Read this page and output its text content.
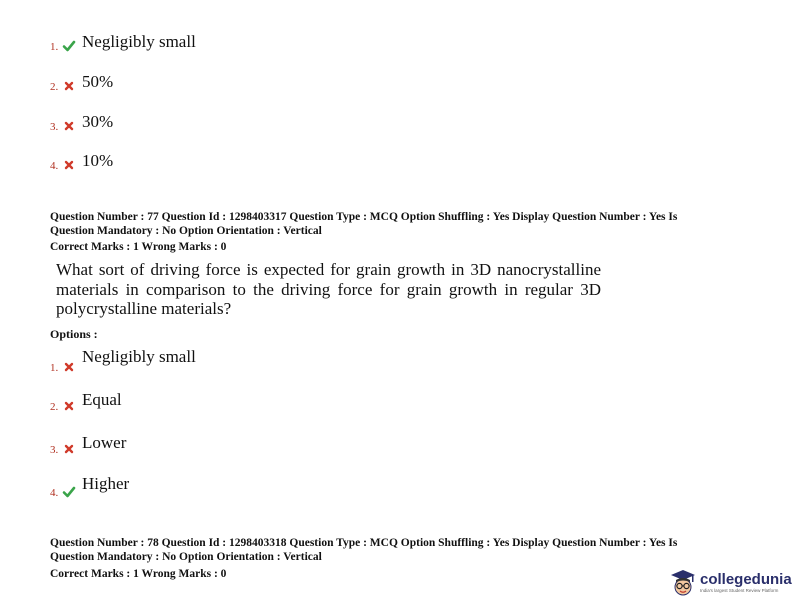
1. Negligibly small
2. 50%
3. 30%
4. 10%
Question Number : 77 Question Id : 1298403317 Question Type : MCQ Option Shuffling : Yes Display Question Number : Yes Is
Question Mandatory : No Option Orientation : Vertical
Correct Marks : 1 Wrong Marks : 0
What sort of driving force is expected for grain growth in 3D nanocrystalline materials in comparison to the driving force for grain growth in regular 3D polycrystalline materials?
Options :
1.
Negligibly small
2. Equal
3. Lower
4. Higher
Question Number : 78 Question Id : 1298403318 Question Type : MCQ Option Shuffling : Yes Display Question Number : Yes Is
Question Mandatory : No Option Orientation : Vertical
Correct Marks : 1 Wrong Marks : 0	collegedunia
India's largest Student Review Platform
